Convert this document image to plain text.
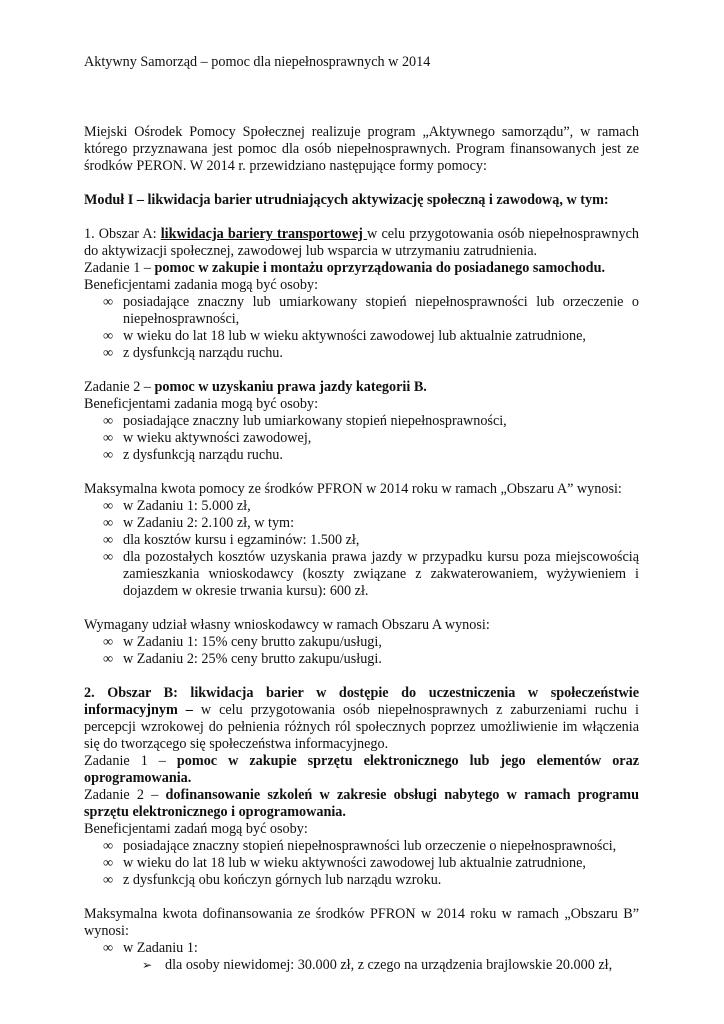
Aktywny Samorząd – pomoc dla niepełnosprawnych w 2014

Miejski Ośrodek Pomocy Społecznej realizuje program „Aktywnego samorządu”, w ramach którego przyznawana jest pomoc dla osób niepełnosprawnych. Program finansowanych jest ze środków PERON. W 2014 r. przewidziano następujące formy pomocy:

Moduł I – likwidacja barier utrudniających aktywizację społeczną i zawodową, w tym:

1. Obszar A: likwidacja bariery transportowej w celu przygotowania osób niepełnosprawnych do aktywizacji społecznej, zawodowej lub wsparcia w utrzymaniu zatrudnienia.

Zadanie 1 – pomoc w zakupie i montażu oprzyrządowania do posiadanego samochodu.

Beneficjentami zadania mogą być osoby:

∞ posiadające znaczny lub umiarkowany stopień niepełnosprawności lub orzeczenie o niepełnosprawności,
∞ w wieku do lat 18 lub w wieku aktywności zawodowej lub aktualnie zatrudnione,
∞ z dysfunkcją narządu ruchu.

Zadanie 2 – pomoc w uzyskaniu prawa jazdy kategorii B.

Beneficjentami zadania mogą być osoby:

∞ posiadające znaczny lub umiarkowany stopień niepełnosprawności,
∞ w wieku aktywności zawodowej,
∞ z dysfunkcją narządu ruchu.

Maksymalna kwota pomocy ze środków PFRON w 2014 roku w ramach „Obszaru A” wynosi:

∞ w Zadaniu 1: 5.000 zł,
∞ w Zadaniu 2: 2.100 zł, w tym:
∞ dla kosztów kursu i egzaminów: 1.500 zł,
∞ dla pozostałych kosztów uzyskania prawa jazdy w przypadku kursu poza miejscowością zamieszkania wnioskodawcy (koszty związane z zakwaterowaniem, wyżywieniem i dojazdem w okresie trwania kursu): 600 zł.

Wymagany udział własny wnioskodawcy w ramach Obszaru A wynosi:

∞ w Zadaniu 1: 15% ceny brutto zakupu/usługi,
∞ w Zadaniu 2: 25% ceny brutto zakupu/usługi.

2. Obszar B: likwidacja barier w dostępie do uczestniczenia w społeczeństwie informacyjnym – w celu przygotowania osób niepełnosprawnych z zaburzeniami ruchu i percepcji wzrokowej do pełnienia różnych ról społecznych poprzez umożliwienie im włączenia się do tworzącego się społeczeństwa informacyjnego.

Zadanie 1 – pomoc w zakupie sprzętu elektronicznego lub jego elementów oraz oprogramowania.

Zadanie 2 – dofinansowanie szkoleń w zakresie obsługi nabytego w ramach programu sprzętu elektronicznego i oprogramowania.

Beneficjentami zadań mogą być osoby:

∞ posiadające znaczny stopień niepełnosprawności lub orzeczenie o niepełnosprawności,
∞ w wieku do lat 18 lub w wieku aktywności zawodowej lub aktualnie zatrudnione,
∞ z dysfunkcją obu kończyn górnych lub narządu wzroku.

Maksymalna kwota dofinansowania ze środków PFRON w 2014 roku w ramach „Obszaru B” wynosi:

∞ w Zadaniu 1:
➢ dla osoby niewidomej: 30.000 zł, z czego na urządzenia brajlowskie 20.000 zł,
